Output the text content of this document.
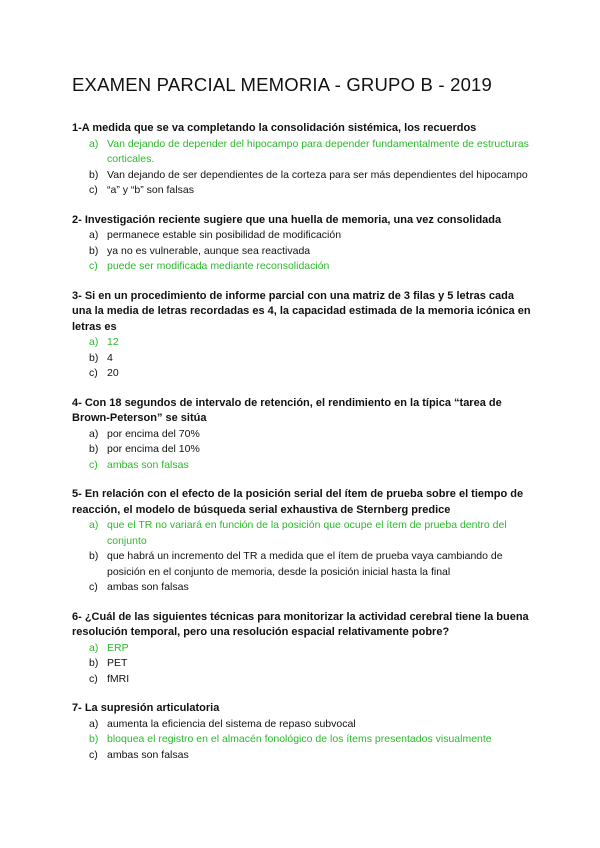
EXAMEN PARCIAL MEMORIA - GRUPO B - 2019
1-A medida que se va completando la consolidación sistémica, los recuerdos
a) Van dejando de depender del hipocampo para depender fundamentalmente de estructuras corticales.
b) Van dejando de ser dependientes de la corteza para ser más dependientes del hipocampo
c) “a” y “b” son falsas
2- Investigación reciente sugiere que una huella de memoria, una vez consolidada
a) permanece estable sin posibilidad de modificación
b) ya no es vulnerable, aunque sea reactivada
c) puede ser modificada mediante reconsolidación
3- Si en un procedimiento de informe parcial con una matriz de 3 filas y 5 letras cada una la media de letras recordadas es 4, la capacidad estimada de la memoria icónica en letras es
a) 12
b) 4
c) 20
4- Con 18 segundos de intervalo de retención, el rendimiento en la típica “tarea de Brown-Peterson” se sitúa
a) por encima del 70%
b) por encima del 10%
c) ambas son falsas
5- En relación con el efecto de la posición serial del ítem de prueba sobre el tiempo de reacción, el modelo de búsqueda serial exhaustiva de Sternberg predice
a) que el TR no variará en función de la posición que ocupe el ítem de prueba dentro del conjunto
b) que habrá un incremento del TR a medida que el ítem de prueba vaya cambiando de posición en el conjunto de memoria, desde la posición inicial hasta la final
c) ambas son falsas
6- ¿Cuál de las siguientes técnicas para monitorizar la actividad cerebral tiene la buena resolución temporal, pero una resolución espacial relativamente pobre?
a) ERP
b) PET
c) fMRI
7- La supresión articulatoria
a) aumenta la eficiencia del sistema de repaso subvocal
b) bloquea el registro en el almacén fonológico de los ítems presentados visualmente
c) ambas son falsas
